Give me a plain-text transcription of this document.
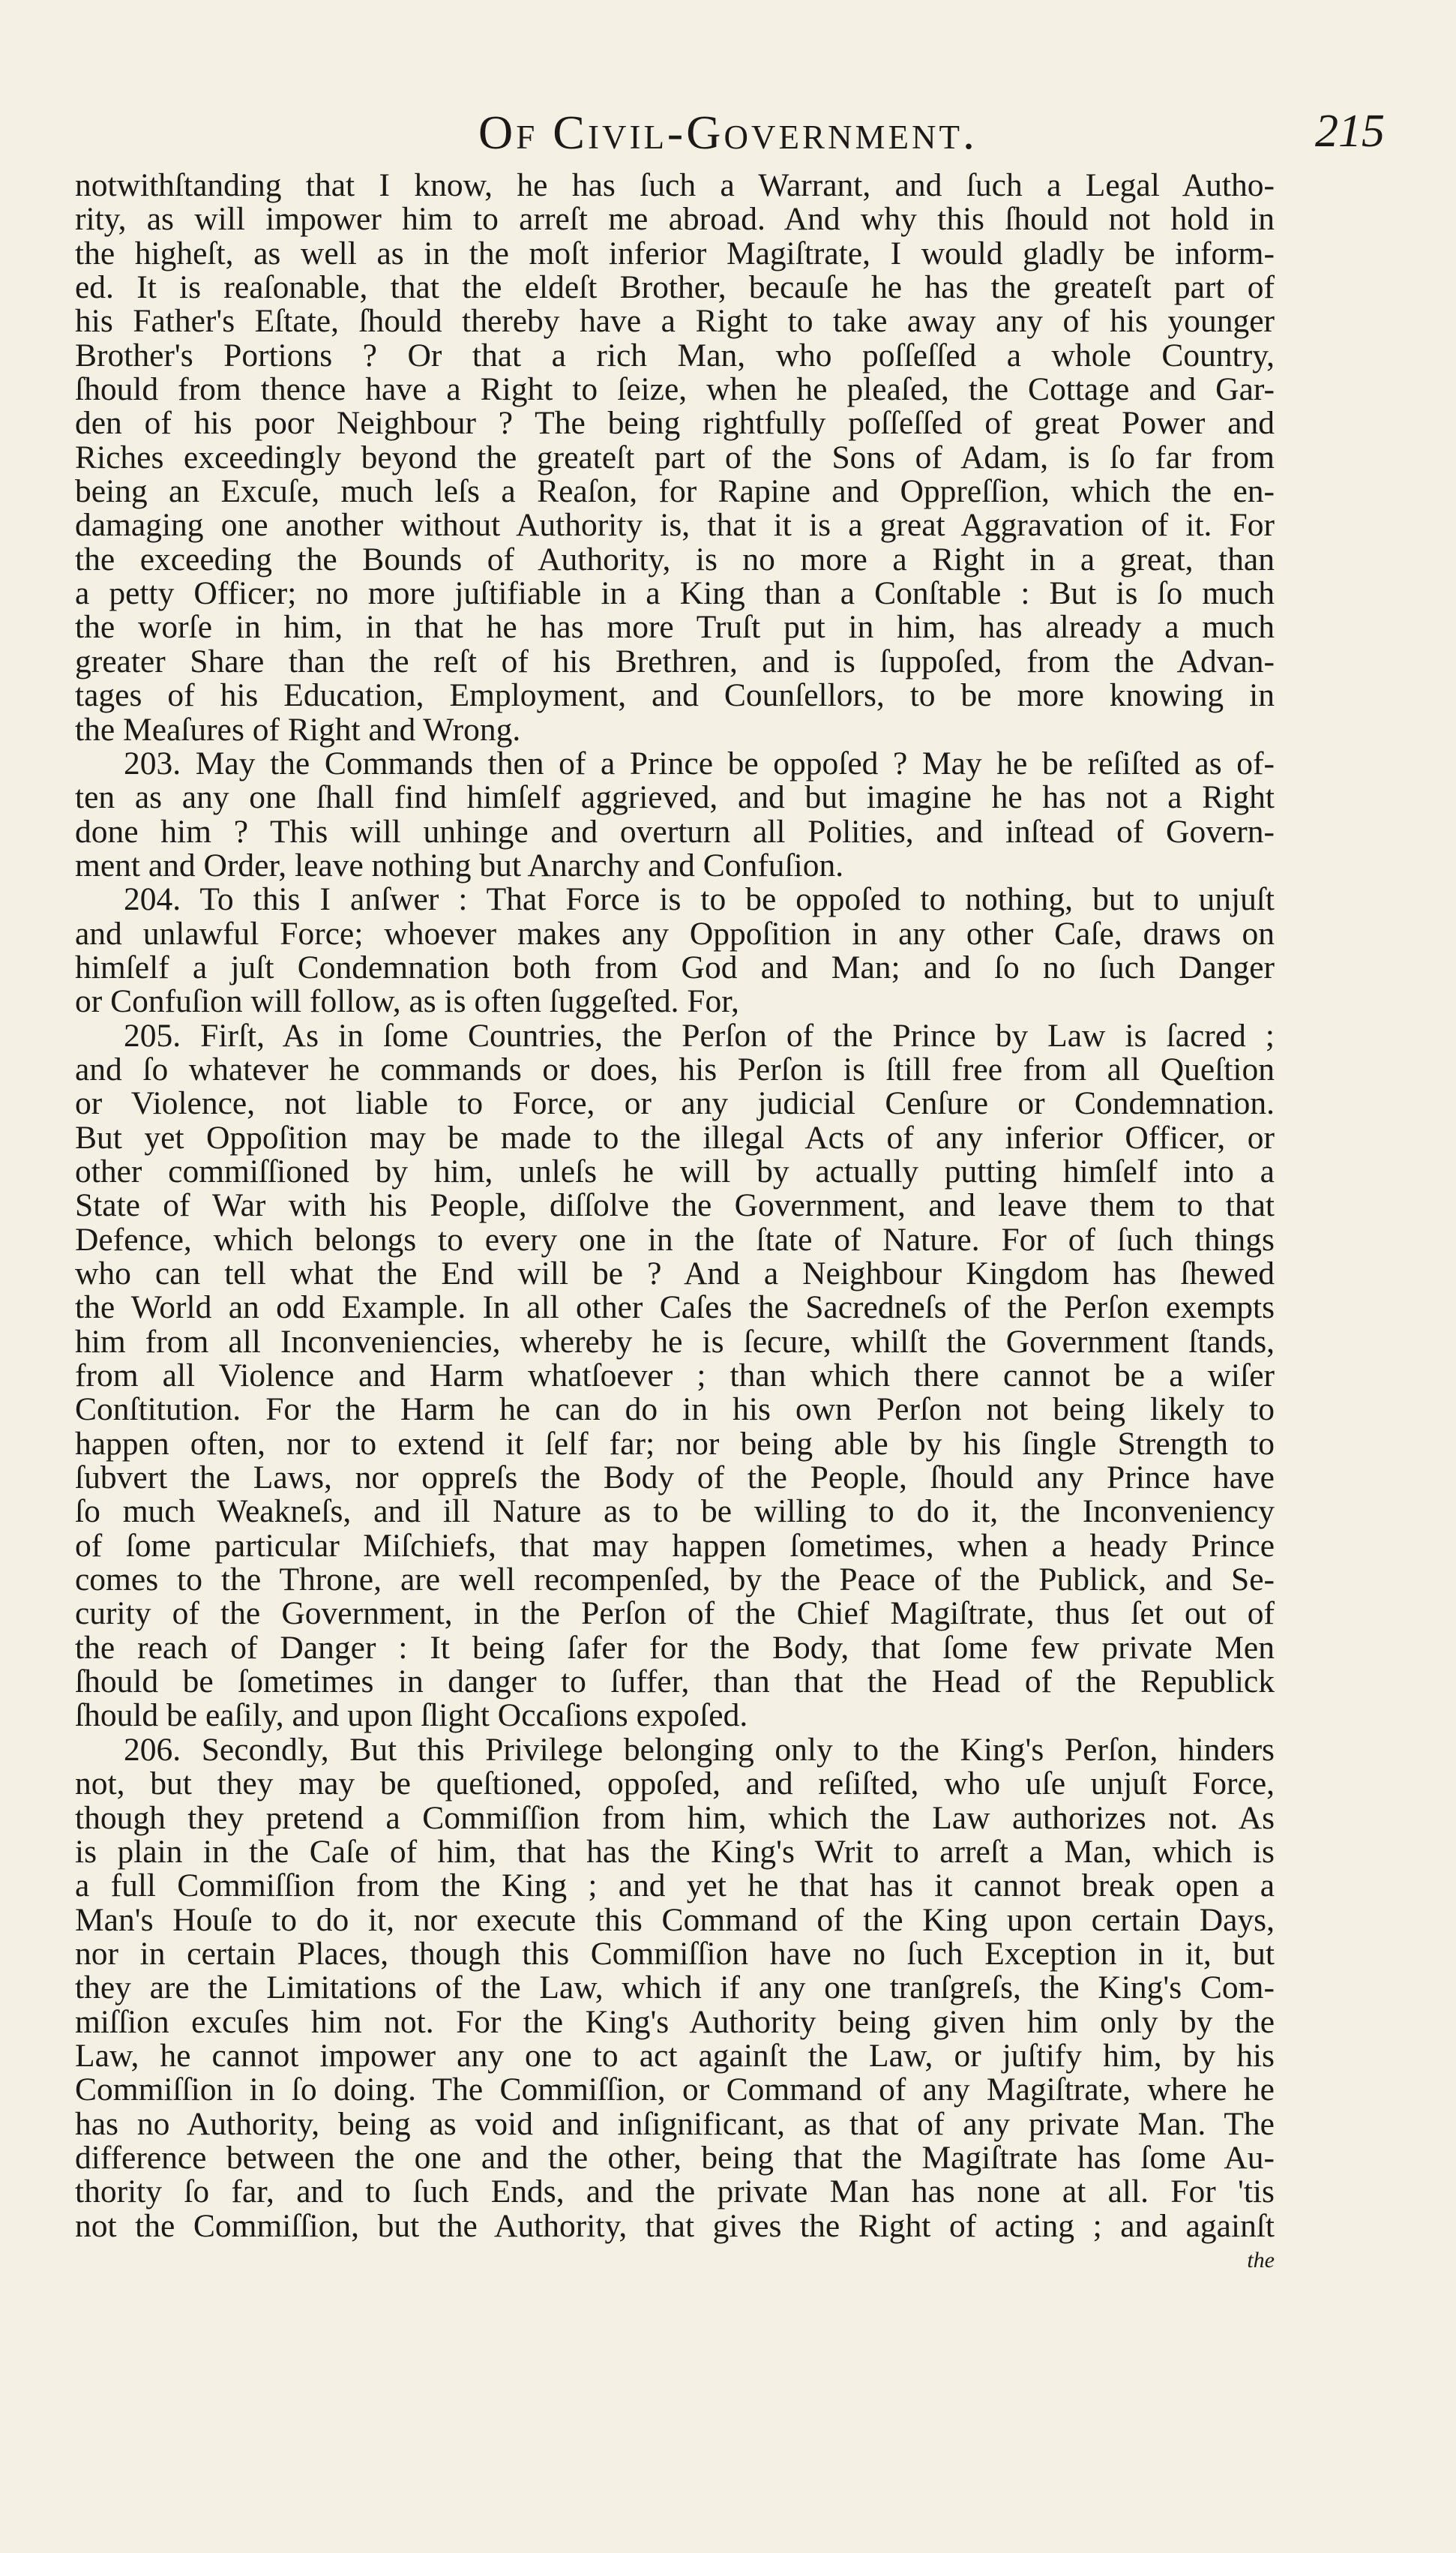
Of Civil-Government.	215
notwithſtanding that I know, he has ſuch a Warrant, and ſuch a Legal Autho-
rity, as will impower him to arreſt me abroad. And why this ſhould not hold in
the higheſt, as well as in the moſt inferior Magiſtrate, I would gladly be inform-
ed. It is reaſonable, that the eldeſt Brother, becauſe he has the greateſt part of
his Father's Eſtate, ſhould thereby have a Right to take away any of his younger
Brother's Portions ? Or that a rich Man, who poſſeſſed a whole Country,
ſhould from thence have a Right to ſeize, when he pleaſed, the Cottage and Gar-
den of his poor Neighbour ? The being rightfully poſſeſſed of great Power and
Riches exceedingly beyond the greateſt part of the Sons of Adam, is ſo far from
being an Excuſe, much leſs a Reaſon, for Rapine and Oppreſſion, which the en-
damaging one another without Authority is, that it is a great Aggravation of it. For
the exceeding the Bounds of Authority, is no more a Right in a great, than
a petty Officer; no more juſtifiable in a King than a Conſtable : But is ſo much
the worſe in him, in that he has more Truſt put in him, has already a much
greater Share than the reſt of his Brethren, and is ſuppoſed, from the Advan-
tages of his Education, Employment, and Counſellors, to be more knowing in
the Meaſures of Right and Wrong.
203. May the Commands then of a Prince be oppoſed ? May he be reſiſted as of-
ten as any one ſhall find himſelf aggrieved, and but imagine he has not a Right
done him ? This will unhinge and overturn all Polities, and inſtead of Govern-
ment and Order, leave nothing but Anarchy and Confuſion.
204. To this I anſwer : That Force is to be oppoſed to nothing, but to unjuſt
and unlawful Force; whoever makes any Oppoſition in any other Caſe, draws on
himſelf a juſt Condemnation both from God and Man; and ſo no ſuch Danger
or Confuſion will follow, as is often ſuggeſted. For,
205. Firſt, As in ſome Countries, the Perſon of the Prince by Law is ſacred ;
and ſo whatever he commands or does, his Perſon is ſtill free from all Queſtion
or Violence, not liable to Force, or any judicial Cenſure or Condemnation.
But yet Oppoſition may be made to the illegal Acts of any inferior Officer, or
other commiſſioned by him, unleſs he will by actually putting himſelf into a
State of War with his People, diſſolve the Government, and leave them to that
Defence, which belongs to every one in the ſtate of Nature. For of ſuch things
who can tell what the End will be ? And a Neighbour Kingdom has ſhewed
the World an odd Example. In all other Caſes the Sacredneſs of the Perſon exempts
him from all Inconveniencies, whereby he is ſecure, whilſt the Government ſtands,
from all Violence and Harm whatſoever ; than which there cannot be a wiſer
Conſtitution. For the Harm he can do in his own Perſon not being likely to
happen often, nor to extend it ſelf far; nor being able by his ſingle Strength to
ſubvert the Laws, nor oppreſs the Body of the People, ſhould any Prince have
ſo much Weakneſs, and ill Nature as to be willing to do it, the Inconveniency
of ſome particular Miſchiefs, that may happen ſometimes, when a heady Prince
comes to the Throne, are well recompenſed, by the Peace of the Publick, and Se-
curity of the Government, in the Perſon of the Chief Magiſtrate, thus ſet out of
the reach of Danger : It being ſafer for the Body, that ſome few private Men
ſhould be ſometimes in danger to ſuffer, than that the Head of the Republick
ſhould be eaſily, and upon ſlight Occaſions expoſed.
206. Secondly, But this Privilege belonging only to the King's Perſon, hinders
not, but they may be queſtioned, oppoſed, and reſiſted, who uſe unjuſt Force,
though they pretend a Commiſſion from him, which the Law authorizes not. As
is plain in the Caſe of him, that has the King's Writ to arreſt a Man, which is
a full Commiſſion from the King ; and yet he that has it cannot break open a
Man's Houſe to do it, nor execute this Command of the King upon certain Days,
nor in certain Places, though this Commiſſion have no ſuch Exception in it, but
they are the Limitations of the Law, which if any one tranſgreſs, the King's Com-
miſſion excuſes him not. For the King's Authority being given him only by the
Law, he cannot impower any one to act againſt the Law, or juſtify him, by his
Commiſſion in ſo doing. The Commiſſion, or Command of any Magiſtrate, where he
has no Authority, being as void and inſignificant, as that of any private Man. The
difference between the one and the other, being that the Magiſtrate has ſome Au-
thority ſo far, and to ſuch Ends, and the private Man has none at all. For 'tis
not the Commiſſion, but the Authority, that gives the Right of acting ; and againſt
the
